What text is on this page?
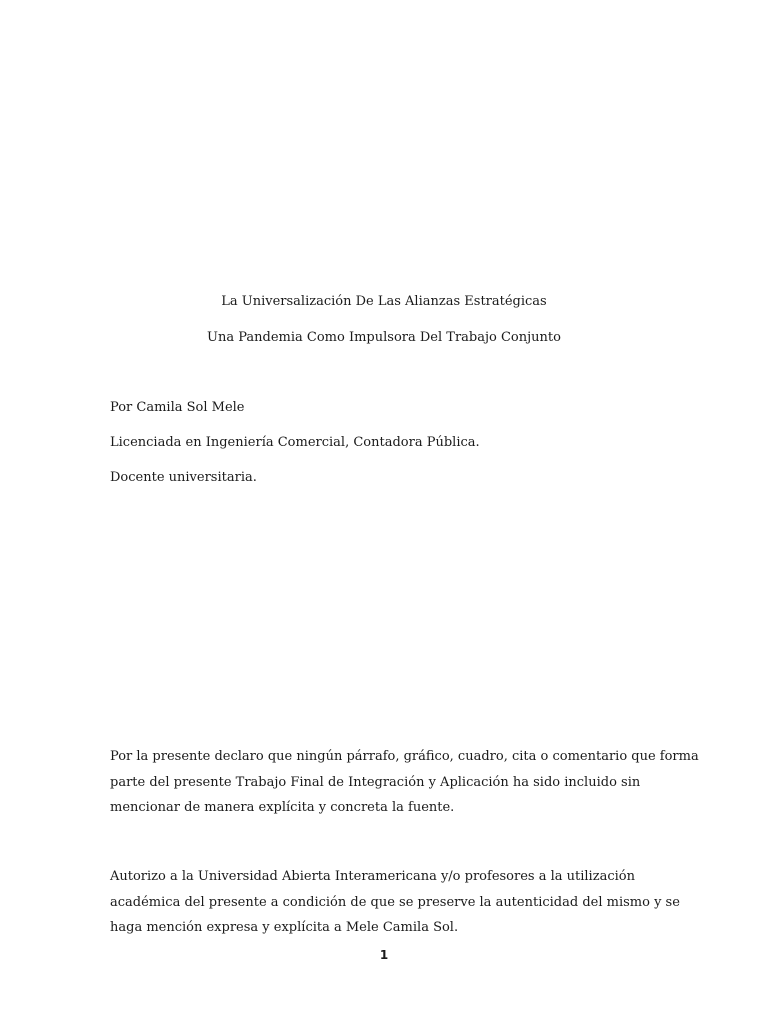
La Universalización De Las Alianzas Estratégicas
Una Pandemia Como Impulsora Del Trabajo Conjunto
Por Camila Sol Mele
Licenciada en Ingeniería Comercial, Contadora Pública.
Docente universitaria.

Por la presente declaro que ningún párrafo, gráfico, cuadro, cita o comentario que forma
parte del presente Trabajo Final de Integración y Aplicación ha sido incluido sin
mencionar de manera explícita y concreta la fuente.

Autorizo a la Universidad Abierta Interamericana y/o profesores a la utilización
académica del presente a condición de que se preserve la autenticidad del mismo y se
haga mención expresa y explícita a Mele Camila Sol.

1
